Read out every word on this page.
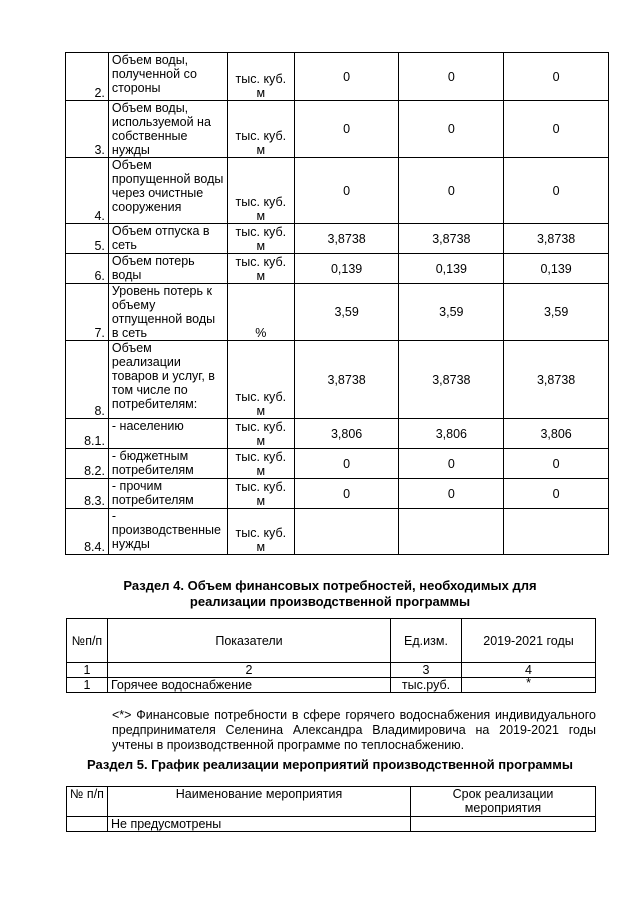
2.	Объем воды, полученной со стороны	тыс. куб. м	0	0	0
3.	Объем воды, используемой на собственные нужды	тыс. куб. м	0	0	0
4.	Объем пропущенной воды через очистные сооружения	тыс. куб. м	0	0	0
5.	Объем отпуска в сеть	тыс. куб. м	3,8738	3,8738	3,8738
6.	Объем потерь воды	тыс. куб. м	0,139	0,139	0,139
7.	Уровень потерь к объему отпущенной воды в сеть	%	3,59	3,59	3,59
8.	Объем реализации товаров и услуг, в том числе по потребителям:	тыс. куб. м	3,8738	3,8738	3,8738
8.1.	- населению	тыс. куб. м	3,806	3,806	3,806
8.2.	- бюджетным потребителям	тыс. куб. м	0	0	0
8.3.	- прочим потребителям	тыс. куб. м	0	0	0
8.4.	- производственные нужды	тыс. куб. м			
Раздел 4. Объем финансовых потребностей, необходимых для
реализации производственной программы
№п/п	Показатели	Ед.изм.	2019-2021 годы
1	2	3	4
1	Горячее водоснабжение	тыс.руб.	*
<*> Финансовые потребности в сфере горячего водоснабжения индивидуального предпринимателя Селенина Александра Владимировича на 2019-2021 годы учтены в производственной программе по теплоснабжению.
Раздел 5. График реализации мероприятий производственной программы
№ п/п	Наименование мероприятия	Срок реализации мероприятия
	Не предусмотрены	
